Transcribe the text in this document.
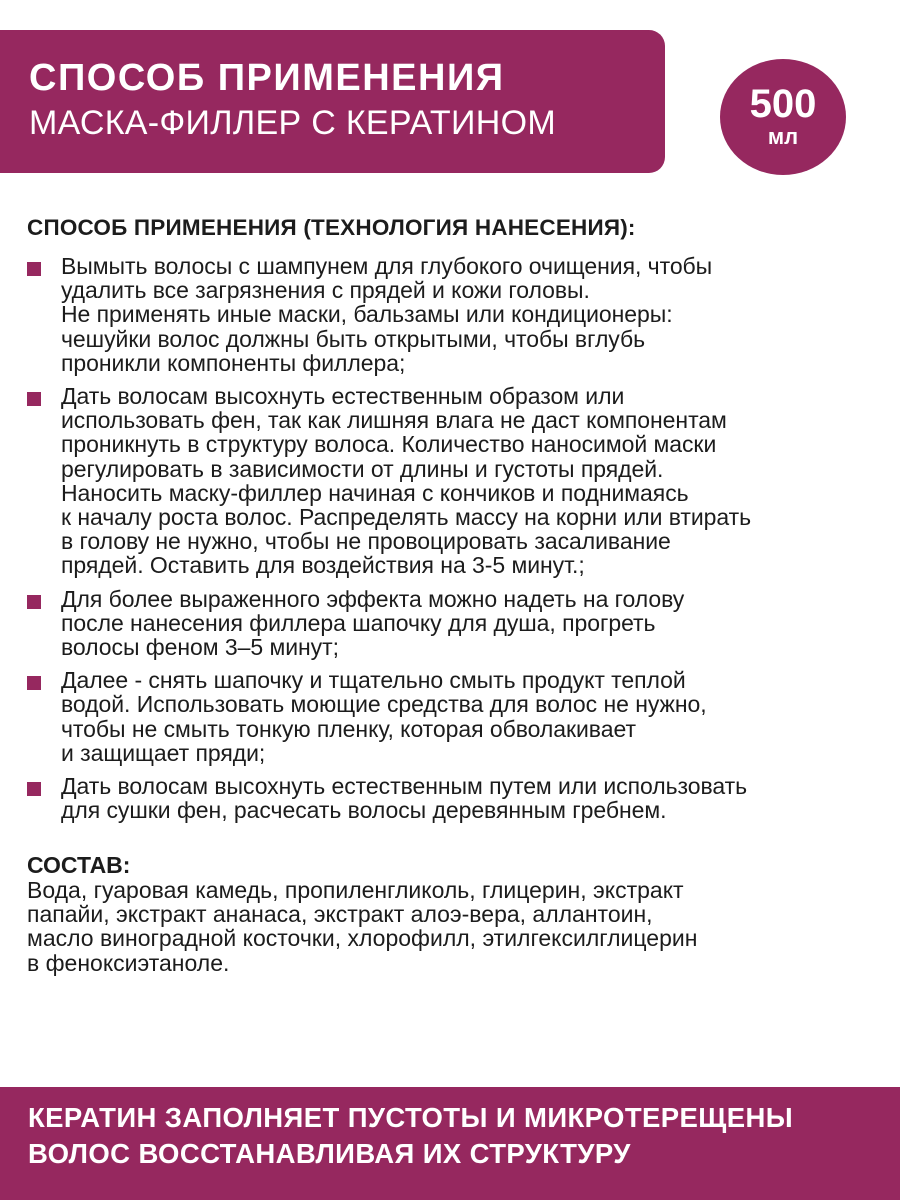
СПОСОБ ПРИМЕНЕНИЯ
МАСКА-ФИЛЛЕР С КЕРАТИНОМ	500
мл
СПОСОБ ПРИМЕНЕНИЯ (ТЕХНОЛОГИЯ НАНЕСЕНИЯ):
Вымыть волосы с шампунем для глубокого очищения, чтобы
удалить все загрязнения с прядей и кожи головы.
Не применять иные маски, бальзамы или кондиционеры:
чешуйки волос должны быть открытыми, чтобы вглубь
проникли компоненты филлера;
Дать волосам высохнуть естественным образом или
использовать фен, так как лишняя влага не даст компонентам
проникнуть в структуру волоса. Количество наносимой маски
регулировать в зависимости от длины и густоты прядей.
Наносить маску-филлер начиная с кончиков и поднимаясь
к началу роста волос. Распределять массу на корни или втирать
в голову не нужно, чтобы не провоцировать засаливание
прядей. Оставить для воздействия на 3-5 минут.;
Для более выраженного эффекта можно надеть на голову
после нанесения филлера шапочку для душа, прогреть
волосы феном 3–5 минут;
Далее - снять шапочку и тщательно смыть продукт теплой
водой. Использовать моющие средства для волос не нужно,
чтобы не смыть тонкую пленку, которая обволакивает
и защищает пряди;
Дать волосам высохнуть естественным путем или использовать
для сушки фен, расчесать волосы деревянным гребнем.
СОСТАВ:
Вода, гуаровая камедь, пропиленгликоль, глицерин, экстракт
папайи, экстракт ананаса, экстракт алоэ-вера, аллантоин,
масло виноградной косточки, хлорофилл, этилгексилглицерин
в феноксиэтаноле.
КЕРАТИН ЗАПОЛНЯЕТ ПУСТОТЫ И МИКРОТЕРЕЩЕНЫ
ВОЛОС ВОССТАНАВЛИВАЯ ИХ СТРУКТУРУ
